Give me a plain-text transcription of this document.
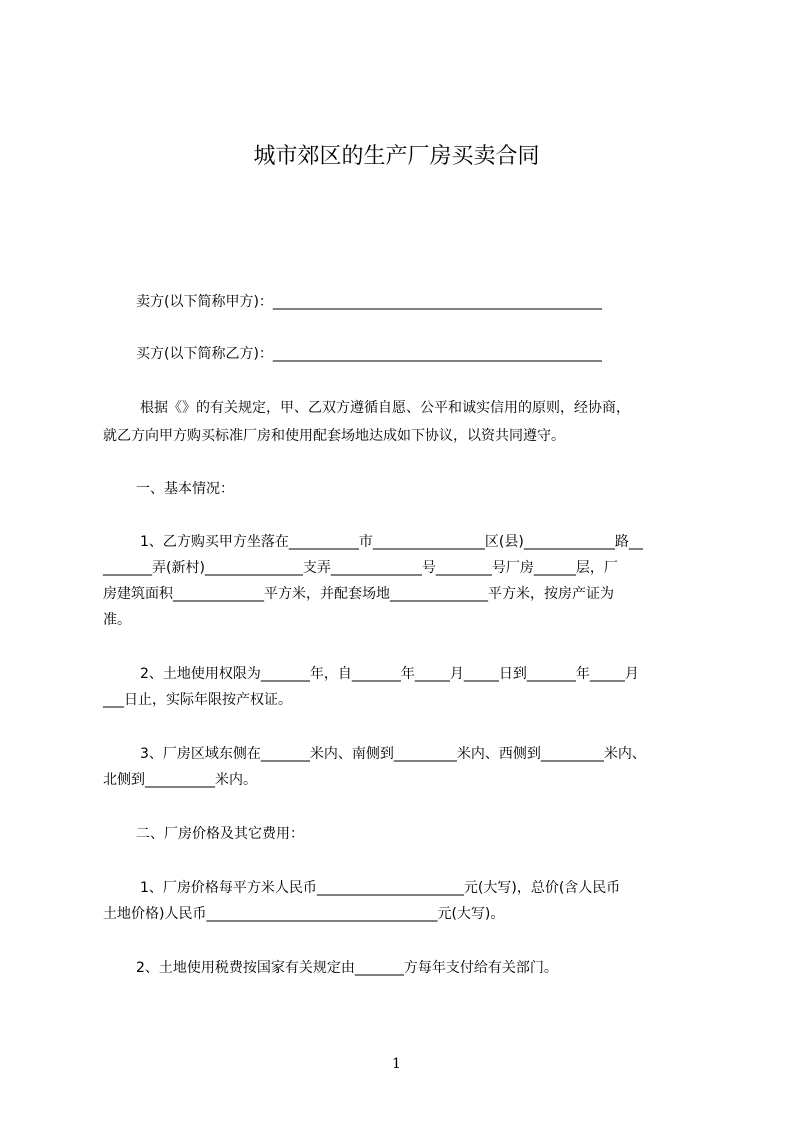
城市郊区的生产厂房买卖合同
卖方(以下简称甲方)：_______________________________________________
买方(以下简称乙方)：_______________________________________________
根据《》的有关规定，甲、乙双方遵循自愿、公平和诚实信用的原则，经协商，
就乙方向甲方购买标准厂房和使用配套场地达成如下协议，以资共同遵守。
一、基本情况：
1、乙方购买甲方坐落在__________市________________区(县)_____________路__
_______弄(新村)______________支弄_____________号________号厂房______层，厂
房建筑面积_____________平方米，并配套场地______________平方米，按房产证为
准。
2、土地使用权限为_______年，自_______年_____月_____日到_______年_____月
___日止，实际年限按产权证。
3、厂房区域东侧在_______米内、南侧到_________米内、西侧到_________米内、
北侧到__________米内。
二、厂房价格及其它费用：
1、厂房价格每平方米人民币_____________________元(大写)，总价(含人民币
土地价格)人民币_________________________________元(大写)。
2、土地使用税费按国家有关规定由_______方每年支付给有关部门。
1
